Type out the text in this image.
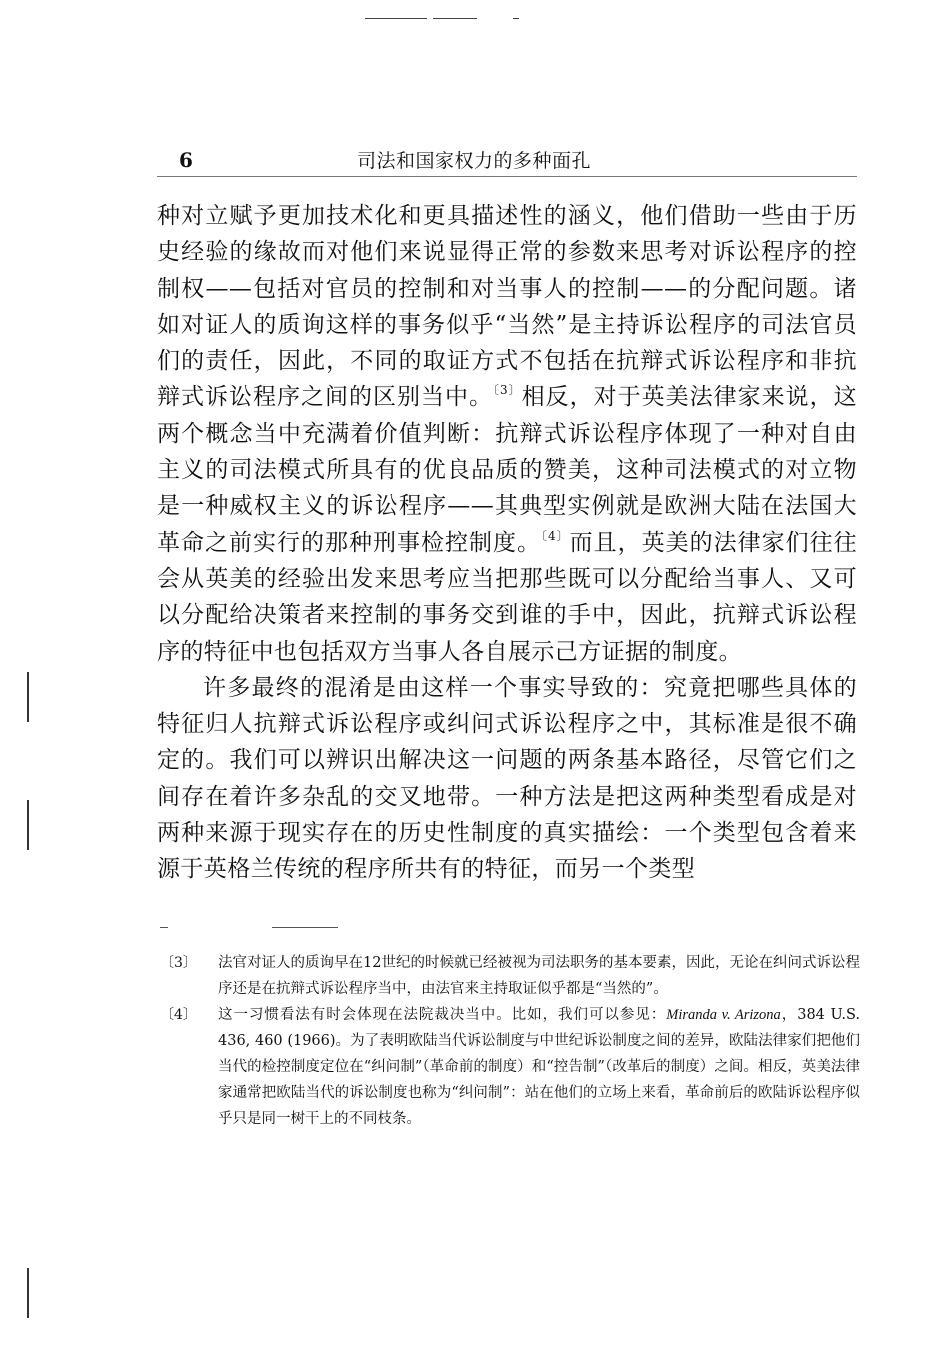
6	司法和国家权力的多种面孔

种对立赋予更加技术化和更具描述性的涵义，他们借助一些由于历史经验的缘故而对他们来说显得正常的参数来思考对诉讼程序的控制权——包括对官员的控制和对当事人的控制——的分配问题。诸如对证人的质询这样的事务似乎“当然”是主持诉讼程序的司法官员们的责任，因此，不同的取证方式不包括在抗辩式诉讼程序和非抗辩式诉讼程序之间的区别当中。$^{〔3〕}$相反，对于英美法律家来说，这两个概念当中充满着价值判断：抗辩式诉讼程序体现了一种对自由主义的司法模式所具有的优良品质的赞美，这种司法模式的对立物是一种威权主义的诉讼程序——其典型实例就是欧洲大陆在法国大革命之前实行的那种刑事检控制度。$^{〔4〕}$而且，英美的法律家们往往会从英美的经验出发来思考应当把那些既可以分配给当事人、又可以分配给决策者来控制的事务交到谁的手中，因此，抗辩式诉讼程序的特征中也包括双方当事人各自展示己方证据的制度。

许多最终的混淆是由这样一个事实导致的：究竟把哪些具体的特征归人抗辩式诉讼程序或纠问式诉讼程序之中，其标准是很不确定的。我们可以辨识出解决这一问题的两条基本路径，尽管它们之间存在着许多杂乱的交叉地带。一种方法是把这两种类型看成是对两种来源于现实存在的历史性制度的真实描绘：一个类型包含着来源于英格兰传统的程序所共有的特征，而另一个类型

〔3〕 法官对证人的质询早在12世纪的时候就已经被视为司法职务的基本要素，因此，无论在纠问式诉讼程序还是在抗辩式诉讼程序当中，由法官来主持取证似乎都是“当然的”。
〔4〕 这一习惯看法有时会体现在法院裁决当中。比如，我们可以参见：Miranda v. Arizona，384 U.S. 436, 460 (1966)。为了表明欧陆当代诉讼制度与中世纪诉讼制度之间的差异，欧陆法律家们把他们当代的检控制度定位在“纠问制”（革命前的制度）和“控告制”（改革后的制度）之间。相反，英美法律家通常把欧陆当代的诉讼制度也称为“纠问制”：站在他们的立场上来看，革命前后的欧陆诉讼程序似乎只是同一树干上的不同枝条。
